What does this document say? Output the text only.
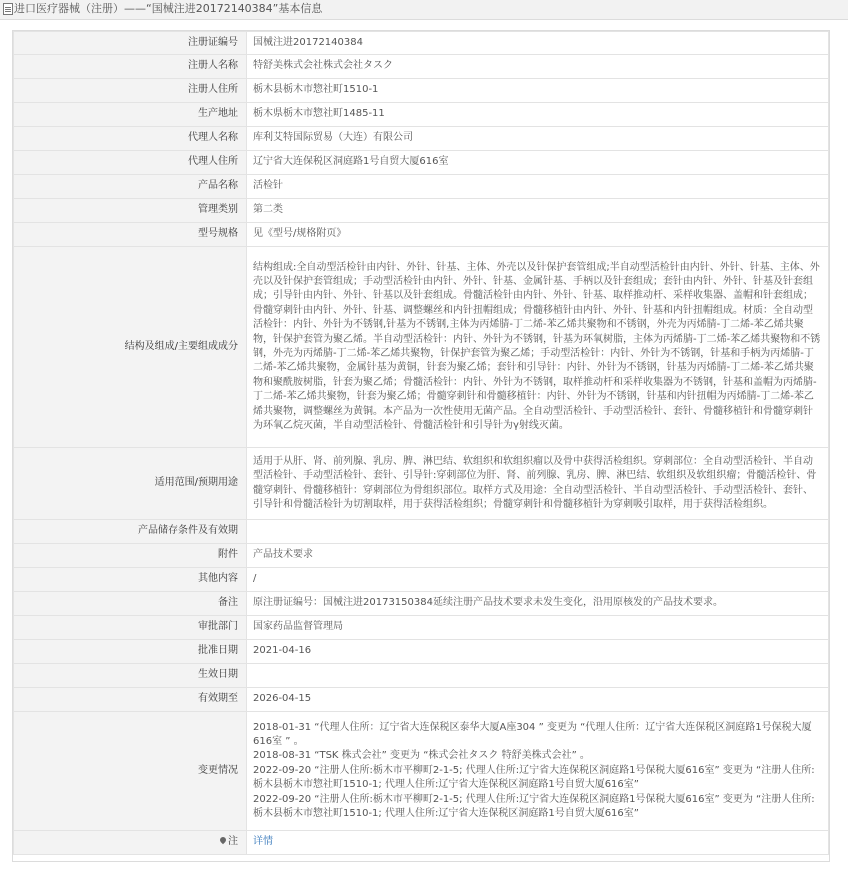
进口医疗器械（注册）——“国械注进20172140384”基本信息
注册证编号	国械注进20172140384
注册人名称	特舒美株式会社株式会社タスク
注册人住所	栃木县栃木市惣社町1510-1
生产地址	栃木県栃木市惣社町1485-11
代理人名称	库利艾特国际贸易（大连）有限公司
代理人住所	辽宁省大连保税区洞庭路1号自贸大厦616室
产品名称	活检针
管理类别	第二类
型号规格	见《型号/规格附页》
结构及组成/主要组成成分	结构组成:全自动型活检针由内针、外针、针基、主体、外壳以及针保护套管组成;半自动型活检针由内针、外针、针基、主体、外壳以及针保护套管组成；手动型活检针由内针、外针、针基、金属针基、手柄以及针套组成；套针由内针、外针、针基及针套组成；引导针由内针、外针、针基以及针套组成。骨髓活检针由内针、外针、针基、取样推动杆、采样收集器、盖帽和针套组成；骨髓穿刺针由内针、外针、针基、调整螺丝和内针扭帽组成；骨髓移植针由内针、外针、针基和内针扭帽组成。材质：全自动型活检针：内针、外针为不锈钢,针基为不锈钢,主体为丙烯腈-丁二烯-苯乙烯共聚物和不锈钢，外壳为丙烯腈-丁二烯-苯乙烯共聚物，针保护套管为聚乙烯。半自动型活检针：内针、外针为不锈钢，针基为环氧树脂，主体为丙烯腈-丁二烯-苯乙烯共聚物和不锈钢，外壳为丙烯腈-丁二烯-苯乙烯共聚物，针保护套管为聚乙烯；手动型活检针：内针、外针为不锈钢，针基和手柄为丙烯腈-丁二烯-苯乙烯共聚物，金属针基为黄铜，针套为聚乙烯；套针和引导针：内针、外针为不锈钢，针基为丙烯腈-丁二烯-苯乙烯共聚物和聚酰胺树脂，针套为聚乙烯；骨髓活检针：内针、外针为不锈钢，取样推动杆和采样收集器为不锈钢，针基和盖帽为丙烯腈-丁二烯-苯乙烯共聚物，针套为聚乙烯；骨髓穿刺针和骨髓移植针：内针、外针为不锈钢，针基和内针扭帽为丙烯腈-丁二烯-苯乙烯共聚物，调整螺丝为黄铜。本产品为一次性使用无菌产品。全自动型活检针、手动型活检针、套针、骨髓移植针和骨髓穿刺针为环氧乙烷灭菌，半自动型活检针、骨髓活检针和引导针为γ射线灭菌。
适用范围/预期用途	适用于从肝、肾、前列腺、乳房、脾、淋巴结、软组织和软组织瘤以及骨中获得活检组织。穿刺部位：全自动型活检针、半自动型活检针、手动型活检针、套针、引导针:穿刺部位为肝、肾、前列腺、乳房、脾、淋巴结、软组织及软组织瘤；骨髓活检针、骨髓穿刺针、骨髓移植针：穿刺部位为骨组织部位。取样方式及用途：全自动型活检针、半自动型活检针、手动型活检针、套针、引导针和骨髓活检针为切割取样，用于获得活检组织；骨髓穿刺针和骨髓移植针为穿刺吸引取样，用于获得活检组织。
产品储存条件及有效期	
附件	产品技术要求
其他内容	/
备注	原注册证编号：国械注进20173150384延续注册产品技术要求未发生变化，沿用原核发的产品技术要求。
审批部门	国家药品监督管理局
批准日期	2021-04-16
生效日期	
有效期至	2026-04-15
变更情况	2018-01-31 “代理人住所：辽宁省大连保税区泰华大厦A座304 ” 变更为 “代理人住所：辽宁省大连保税区洞庭路1号保税大厦616室 ” 。
2018-08-31 “TSK 株式会社” 变更为 “株式会社タスク 特舒美株式会社” 。
2022-09-20 “注册人住所:栃木市平柳町2-1-5; 代理人住所:辽宁省大连保税区洞庭路1号保税大厦616室” 变更为 “注册人住所:栃木县栃木市惣社町1510-1; 代理人住所:辽宁省大连保税区洞庭路1号自贸大厦616室”
2022-09-20 “注册人住所:栃木市平柳町2-1-5; 代理人住所:辽宁省大连保税区洞庭路1号保税大厦616室” 变更为 “注册人住所:栃木县栃木市惣社町1510-1; 代理人住所:辽宁省大连保税区洞庭路1号自贸大厦616室”

注	详情
